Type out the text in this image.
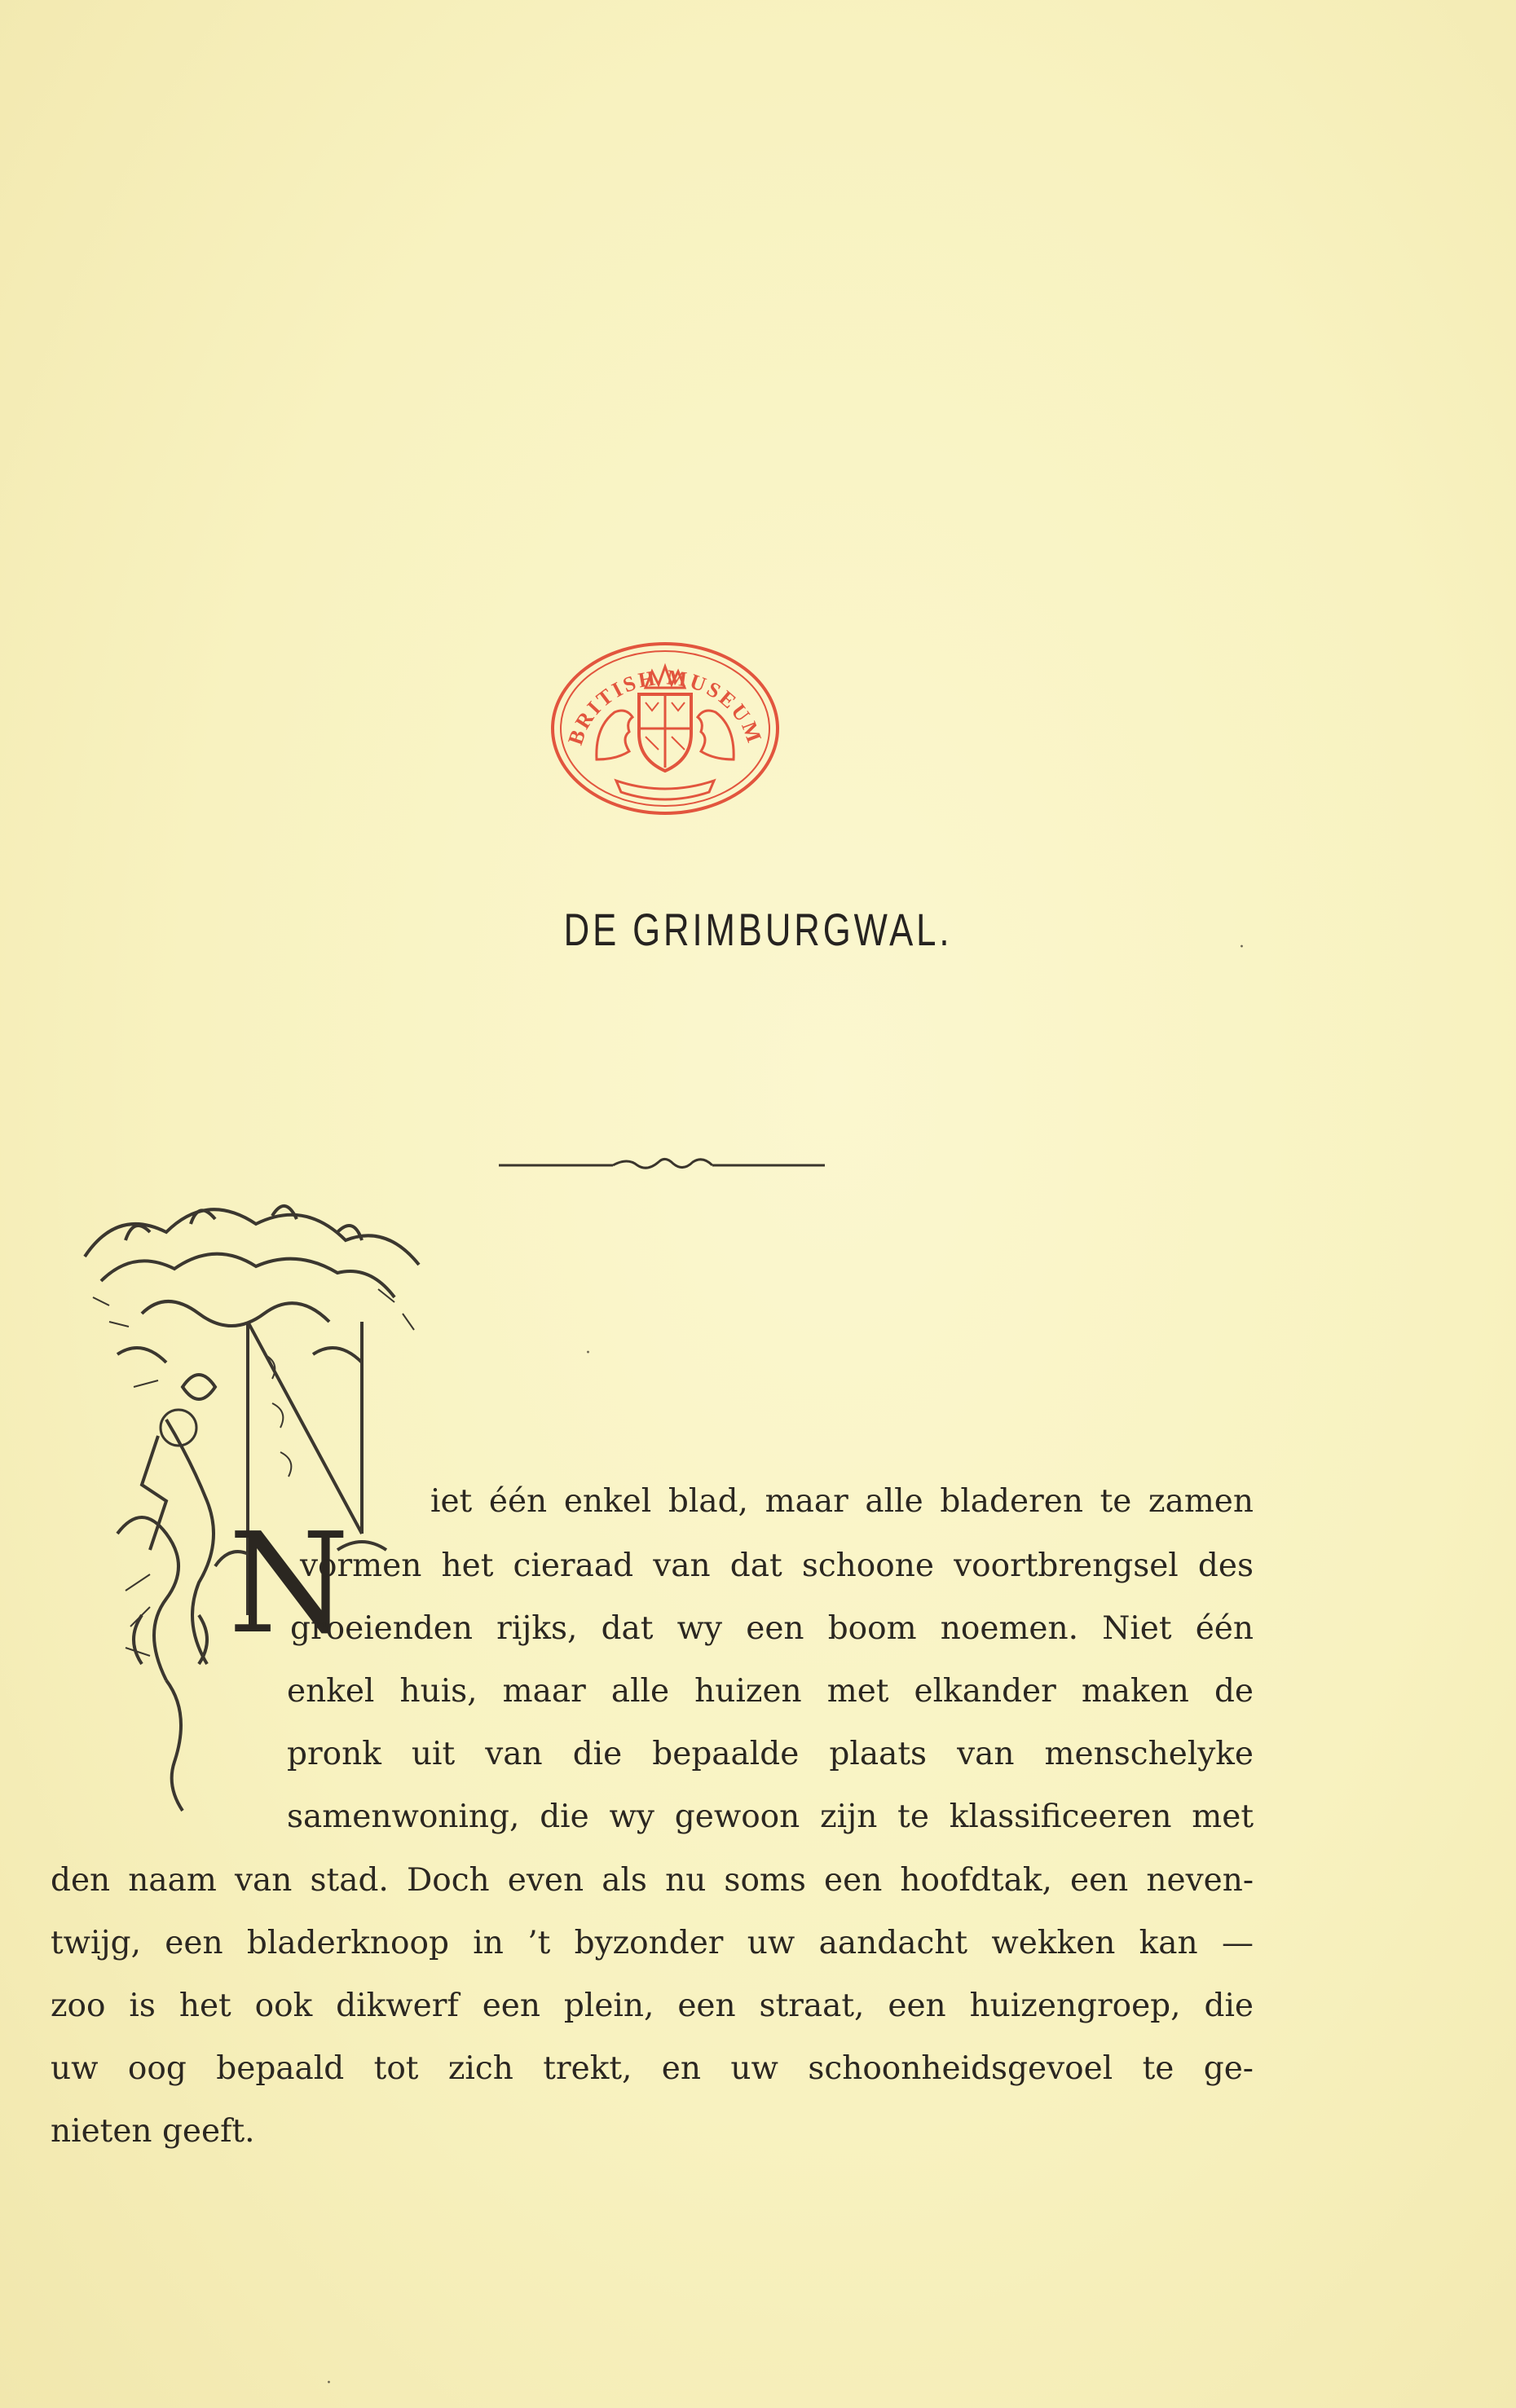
BRITISH MUSEUM
DE GRIMBURGWAL.
N
iet één enkel blad, maar alle bladeren te zamen
vormen het cieraad van dat schoone voortbrengsel des
groeienden rijks, dat wy een boom noemen. Niet één
enkel huis, maar alle huizen met elkander maken de
pronk uit van die bepaalde plaats van menschelyke
samenwoning, die wy gewoon zijn te klassificeeren met
den naam van stad. Doch even als nu soms een hoofdtak, een neven-
twijg, een bladerknoop in ’t byzonder uw aandacht wekken kan —
zoo is het ook dikwerf een plein, een straat, een huizengroep, die
uw oog bepaald tot zich trekt, en uw schoonheidsgevoel te ge-
nieten geeft.
·
·
·
